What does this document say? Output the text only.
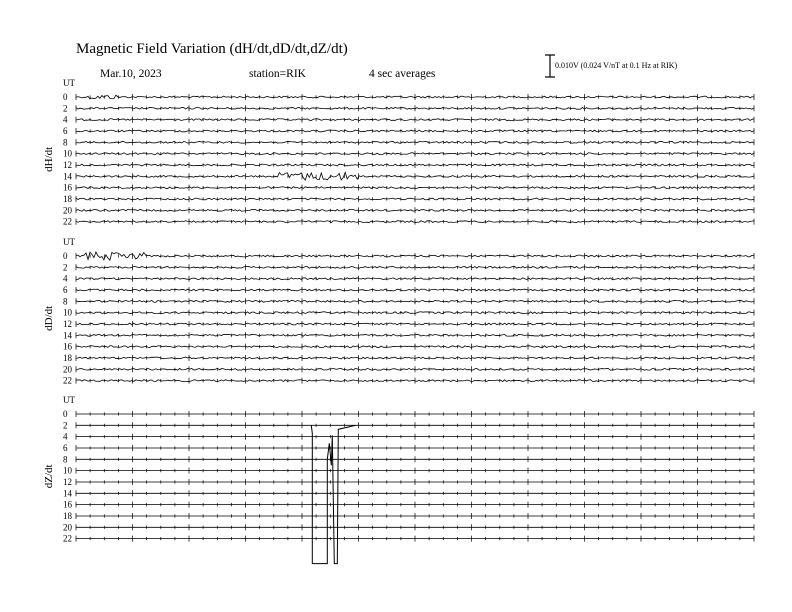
Magnetic Field Variation (dH/dt,dD/dt,dZ/dt)
Mar.10, 2023	station=RIK	4 sec averages
0.010V (0.024 V/nT at 0.1 Hz at RIK)
UT
dH/dt
0
2
4
6
8
10
12
14
16
18
20
22
UT
dD/dt
0
2
4
6
8
10
12
14
16
18
20
22
UT
dZ/dt
0
2
4
6
8
10
12
14
16
18
20
22
